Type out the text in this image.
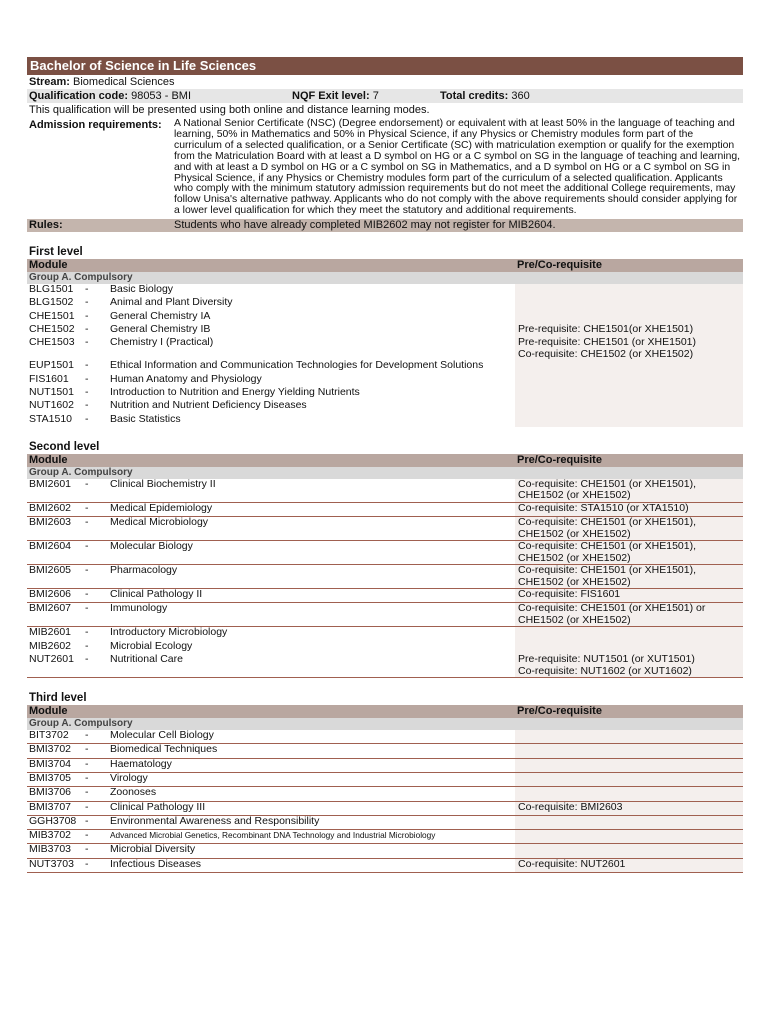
Bachelor of Science in Life Sciences
Stream: Biomedical Sciences
Qualification code: 98053 - BMI	NQF Exit level: 7	Total credits: 360
This qualification will be presented using both online and distance learning modes.
Admission requirements:	A National Senior Certificate (NSC) (Degree endorsement) or equivalent with at least 50% in the language of teaching and learning, 50% in Mathematics and 50% in Physical Science, if any Physics or Chemistry modules form part of the curriculum of a selected qualification, or a Senior Certificate (SC) with matriculation exemption or qualify for the exemption from the Matriculation Board with at least a D symbol on HG or a C symbol on SG in the language of teaching and learning, and with at least a D symbol on HG or a C symbol on SG in Mathematics, and a D symbol on HG or a C symbol on SG in Physical Science, if any Physics or Chemistry modules form part of the curriculum of a selected qualification. Applicants who comply with the minimum statutory admission requirements but do not meet the additional College requirements, may follow Unisa's alternative pathway. Applicants who do not comply with the above requirements should consider applying for a lower level qualification for which they meet the statutory and additional requirements.
Rules:	Students who have already completed MIB2602 may not register for MIB2604.
First level
Module	Pre/Co-requisite
Group A. Compulsory
BLG1501	-	Basic Biology
BLG1502	-	Animal and Plant Diversity
CHE1501 -	General Chemistry IA
CHE1502 -	General Chemistry IB	Pre-requisite: CHE1501(or XHE1501)
CHE1503 -	Chemistry I (Practical)	Pre-requisite: CHE1501 (or XHE1501)
Co-requisite: CHE1502 (or XHE1502)
EUP1501	-	Ethical Information and Communication Technologies for Development Solutions
FIS1601	-	Human Anatomy and Physiology
NUT1501	-	Introduction to Nutrition and Energy Yielding Nutrients
NUT1602	-	Nutrition and Nutrient Deficiency Diseases
STA1510	-	Basic Statistics
Second level
Module	Pre/Co-requisite
Group A. Compulsory
BMI2601	-	Clinical Biochemistry II	Co-requisite: CHE1501 (or XHE1501),
CHE1502 (or XHE1502)
BMI2602	-	Medical Epidemiology	Co-requisite: STA1510 (or XTA1510)
BMI2603	-	Medical Microbiology	Co-requisite: CHE1501 (or XHE1501),
CHE1502 (or XHE1502)
BMI2604	-	Molecular Biology	Co-requisite: CHE1501 (or XHE1501),
CHE1502 (or XHE1502)
BMI2605	-	Pharmacology	Co-requisite: CHE1501 (or XHE1501),
CHE1502 (or XHE1502)
BMI2606	-	Clinical Pathology II	Co-requisite: FIS1601
BMI2607	-	Immunology	Co-requisite: CHE1501 (or XHE1501) or
CHE1502 (or XHE1502)
MIB2601	-	Introductory Microbiology
MIB2602	-	Microbial Ecology
NUT2601	-	Nutritional Care	Pre-requisite: NUT1501 (or XUT1501)
Co-requisite: NUT1602 (or XUT1602)
Third level
Module	Pre/Co-requisite
Group A. Compulsory
BIT3702	-	Molecular Cell Biology
BMI3702	-	Biomedical Techniques
BMI3704	-	Haematology
BMI3705	-	Virology
BMI3706	-	Zoonoses
BMI3707	-	Clinical Pathology III	Co-requisite: BMI2603
GGH3708 -	Environmental Awareness and Responsibility
MIB3702	-	Advanced Microbial Genetics, Recombinant DNA Technology and Industrial Microbiology
MIB3703	-	Microbial Diversity
NUT3703	-	Infectious Diseases	Co-requisite: NUT2601
